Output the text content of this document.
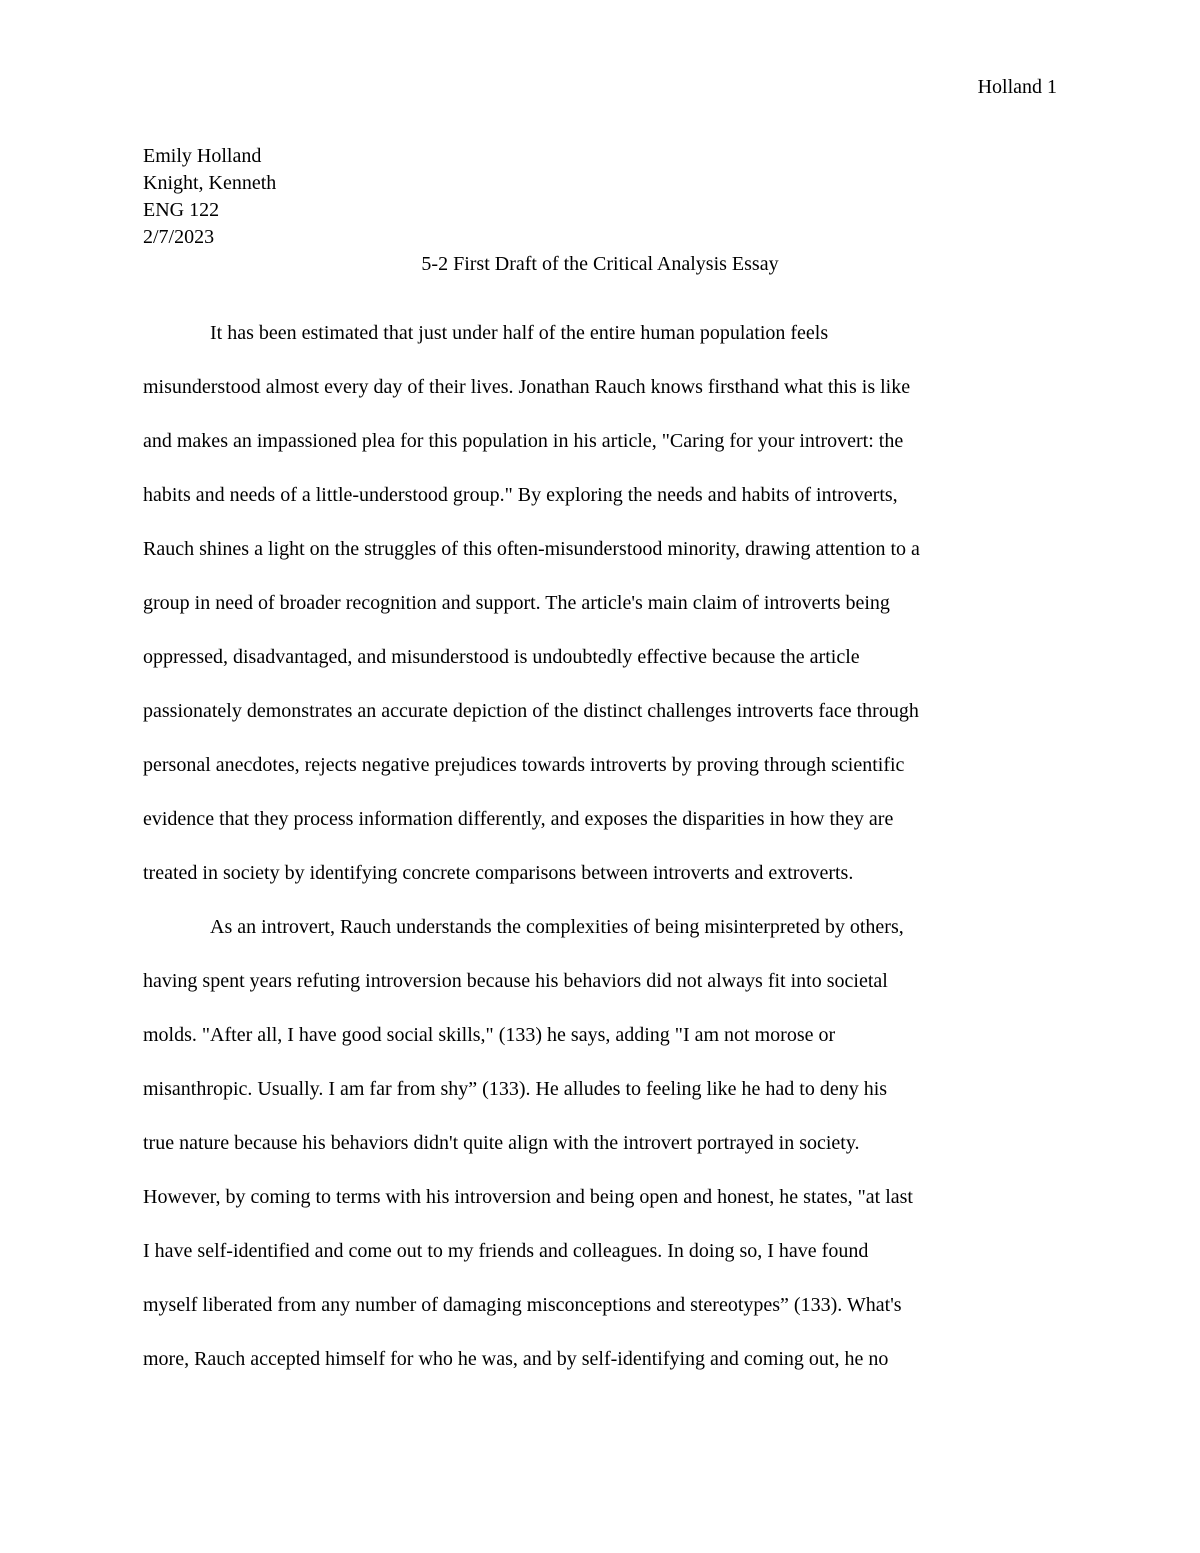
Holland 1
Emily Holland
Knight, Kenneth
ENG 122
2/7/2023
5-2 First Draft of the Critical Analysis Essay
It has been estimated that just under half of the entire human population feels
misunderstood almost every day of their lives. Jonathan Rauch knows firsthand what this is like
and makes an impassioned plea for this population in his article, "Caring for your introvert: the
habits and needs of a little-understood group." By exploring the needs and habits of introverts,
Rauch shines a light on the struggles of this often-misunderstood minority, drawing attention to a
group in need of broader recognition and support. The article's main claim of introverts being
oppressed, disadvantaged, and misunderstood is undoubtedly effective because the article
passionately demonstrates an accurate depiction of the distinct challenges introverts face through
personal anecdotes, rejects negative prejudices towards introverts by proving through scientific
evidence that they process information differently, and exposes the disparities in how they are
treated in society by identifying concrete comparisons between introverts and extroverts.
As an introvert, Rauch understands the complexities of being misinterpreted by others,
having spent years refuting introversion because his behaviors did not always fit into societal
molds. "After all, I have good social skills," (133) he says, adding "I am not morose or
misanthropic. Usually. I am far from shy” (133). He alludes to feeling like he had to deny his
true nature because his behaviors didn't quite align with the introvert portrayed in society.
However, by coming to terms with his introversion and being open and honest, he states, "at last
I have self-identified and come out to my friends and colleagues. In doing so, I have found
myself liberated from any number of damaging misconceptions and stereotypes” (133). What's
more, Rauch accepted himself for who he was, and by self-identifying and coming out, he no
